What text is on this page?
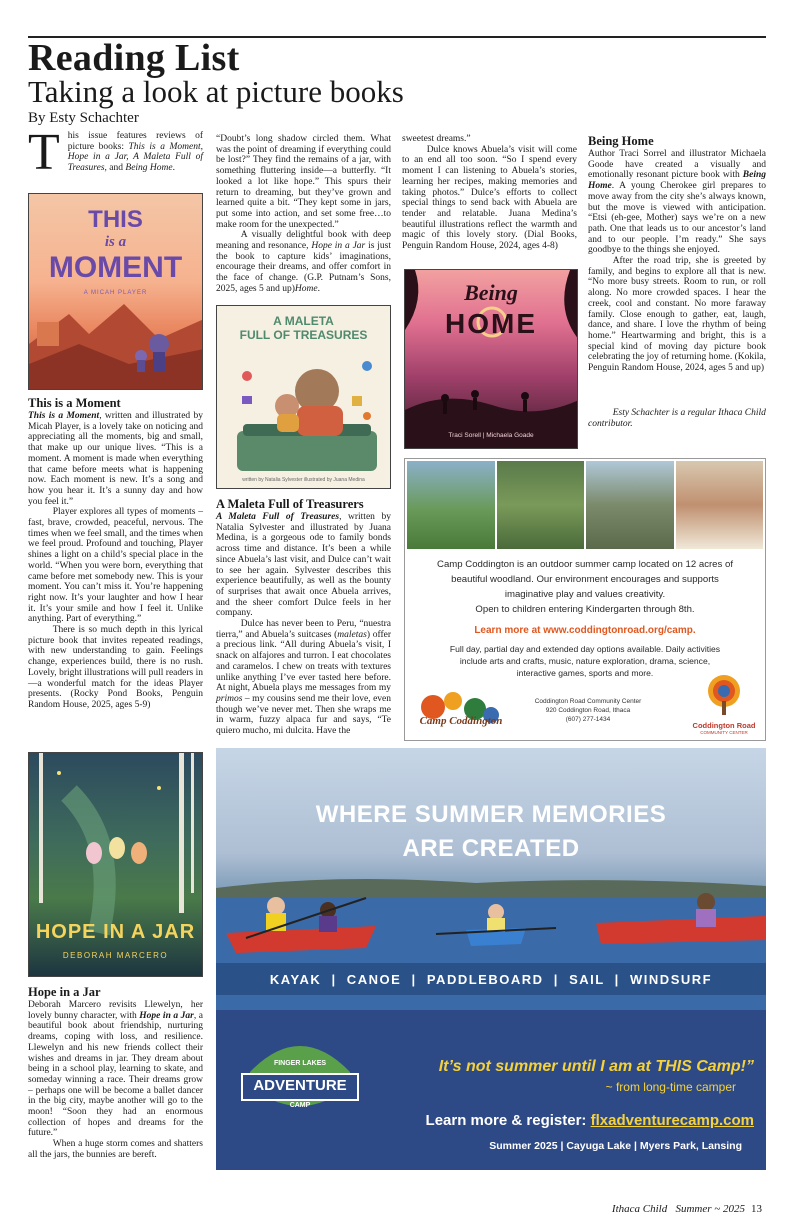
Reading List
Taking a look at picture books
By Esty Schachter
This issue features reviews of picture books: This is a Moment, Hope in a Jar, A Maleta Full of Treasures, and Being Home.
THIS
is a
MOMENT
A MICAH PLAYER
This is a Moment

This is a Moment, written and illustrated by Micah Player, is a lovely take on noticing and appreciating all the moments, big and small, that make up our unique lives. “This is a moment. A moment is made when everything that came before meets what is happening now. Each moment is new. It’s a song and how you hear it. It’s a sunny day and how you feel it.”

Player explores all types of moments – fast, brave, crowded, peaceful, nervous. The times when we feel small, and the times when we feel proud. Profound and touching, Player shines a light on a child’s special place in the world. “When you were born, everything that came before met somebody new. This is your moment. You can’t miss it. You’re happening right now. It’s your laughter and how I hear it. It’s your smile and how I feel it. Unlike anything. Part of everything.”

There is so much depth in this lyrical picture book that invites repeated readings, with new understanding to gain. Feelings change, experiences build, there is no rush. Lovely, bright illustrations will pull readers in—a wonderful match for the ideas Player presents. (Rocky Pond Books, Penguin Random House, 2025, ages 5-9)

HOPE IN A JAR
DEBORAH MARCERO
Hope in a Jar

Deborah Marcero revisits Llewelyn, her lovely bunny character, with Hope in a Jar, a beautiful book about friendship, nurturing dreams, coping with loss, and resilience. Llewelyn and his new friends collect their wishes and dreams in jar. They dream about being in a school play, learning to skate, and someday winning a race. Their dreams grow – perhaps one will be become a ballet dancer in the big city, maybe another will go to the moon! “Soon they had an enormous collection of hopes and dreams for the future.”

When a huge storm comes and shatters all the jars, the bunnies are bereft.

“Doubt’s long shadow circled them. What was the point of dreaming if everything could be lost?” They find the remains of a jar, with something fluttering inside—a butterfly. “It looked a lot like hope.” This spurs their return to dreaming, but they’ve grown and learned quite a bit. “They kept some in jars, put some into action, and set some free…to make room for the unexpected.”

A visually delightful book with deep meaning and resonance, Hope in a Jar is just the book to capture kids’ imaginations, encourage their dreams, and offer comfort in the face of change. (G.P. Putnam’s Sons, 2025, ages 5 and up)Home.

A MALETA
FULL OF TREASURES
written by Natalia Sylvester illustrated by Juana Medina
A Maleta Full of Treasurers

A Maleta Full of Treasures, written by Natalia Sylvester and illustrated by Juana Medina, is a gorgeous ode to family bonds across time and distance. It’s been a while since Abuela’s last visit, and Dulce can’t wait to see her again. Sylvester describes this experience beautifully, as well as the bounty of surprises that await once Abuela arrives, and the sheer comfort Dulce feels in her company.

Dulce has never been to Peru, “nuestra tierra,” and Abuela’s suitcases (maletas) offer a precious link. “All during Abuela’s visit, I snack on alfajores and turron. I eat chocolates and caramelos. I chew on treats with textures unlike anything I’ve ever tasted here before. At night, Abuela plays me messages from my primos – my cousins send me their love, even though we’ve never met. Then she wraps me in warm, fuzzy alpaca fur and says, “Te quiero mucho, mi dulcita. Have the

sweetest dreams.”

Dulce knows Abuela’s visit will come to an end all too soon. “So I spend every moment I can listening to Abuela’s stories, learning her recipes, making memories and taking photos.” Dulce’s efforts to collect special things to send back with Abuela are tender and relatable. Juana Medina’s beautiful illustrations reflect the warmth and magic of this lovely story. (Dial Books, Penguin Random House, 2024, ages 4-8)

Being
HOME
Traci Sorell | Michaela Goade
Being Home

Author Traci Sorrel and illustrator Michaela Goode have created a visually and emotionally resonant picture book with Being Home. A young Cherokee girl prepares to move away from the city she’s always known, but the move is viewed with anticipation. “Etsi (eh-gee, Mother) says we’re on a new path. One that leads us to our ancestor’s land and to our people. I’m ready.” She says goodbye to the things she enjoyed.

After the road trip, she is greeted by family, and begins to explore all that is new. “No more busy streets. Room to run, or roll along. No more crowded spaces. I hear the creek, cool and constant. No more faraway family. Close enough to gather, eat, laugh, dance, and share. I love the rhythm of being home.” Heartwarming and bright, this is a special kind of moving day picture book celebrating the joy of returning home. (Kokila, Penguin Random House, 2024, ages 5 and up)

Esty Schachter is a regular Ithaca Child contributor.
Camp Coddington is an outdoor summer camp located on 12 acres of
beautiful woodland. Our environment encourages and supports
imaginative play and values creativity.
Open to children entering Kindergarten through 8th.
Learn more at www.coddingtonroad.org/camp.
Full day, partial day and extended day options available. Daily activities
include arts and crafts, music, nature exploration, drama, science,
interactive games, sports and more.
Camp Coddington
Coddington Road Community Center
920 Coddington Road, Ithaca
(607) 277-1434
Coddington Road
COMMUNITY CENTER
WHERE SUMMER MEMORIES
ARE CREATED
KAYAK  |  CANOE  |  PADDLEBOARD  |  SAIL  |  WINDSURF
FINGER LAKES
ADVENTURE
CAMP
It’s not summer until I am at THIS Camp!”
~ from long-time camper
Learn more & register: flxadventurecamp.com
Summer 2025 | Cayuga Lake | Myers Park, Lansing
Ithaca Child Summer ~ 2025 13
